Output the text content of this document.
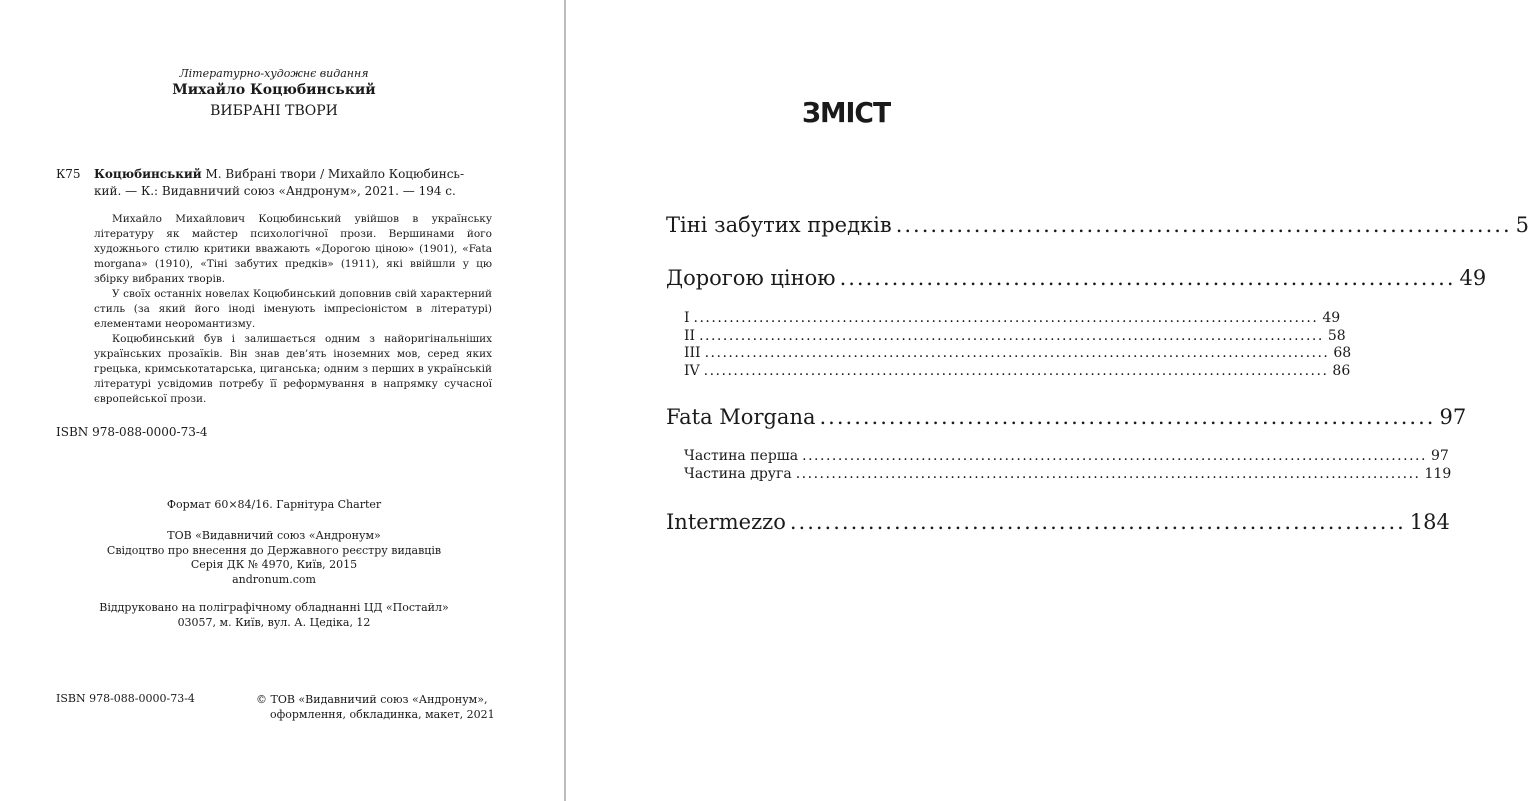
Літературно-художнє видання
Михайло Коцюбинський
ВИБРАНІ ТВОРИ
К75 Коцюбинський М. Вибрані твори / Михайло Коцюбинсь-
кий. — К.: Видавничий союз «Андронум», 2021. — 194 с.

Михайло Михайлович Коцюбинський увійшов в українську літературу як майстер психологічної прози. Вершинами його художнього стилю критики вважають «Дорогою ціною» (1901), «Fata morgana» (1910), «Тіні забутих предків» (1911), які ввійшли у цю збірку вибраних творів.

У своїх останніх новелах Коцюбинський доповнив свій характерний стиль (за який його іноді іменують імпресіоністом в літературі) елементами неоромантизму.

Коцюбинський був і залишається одним з найоригінальніших українських прозаїків. Він знав дев’ять іноземних мов, серед яких грецька, кримськотатарська, циганська; одним з перших в українській літературі усвідомив потребу її реформування в напрямку сучасної європейської прози.

ISBN 978-088-0000-73-4
Формат 60×84/16. Гарнітура Charter
ТОВ «Видавничий союз «Андронум»
Свідоцтво про внесення до Державного реєстру видавців
Серія ДК № 4970, Київ, 2015
andronum.com
Віддруковано на поліграфічному обладнанні ЦД «Постайл»
03057, м. Київ, вул. А. Цедіка, 12
ISBN 978-088-0000-73-4	© ТОВ «Видавничий союз «Андронум»,
оформлення, обкладинка, макет, 2021
ЗМІСТ
Тіні забутих предків ....................................................................... 5
Дорогою ціною ....................................................................... 49
I ......................................................................................................... 49
II ......................................................................................................... 58
III ......................................................................................................... 68
IV ......................................................................................................... 86
Fata Morgana ....................................................................... 97
Частина перша ......................................................................................................... 97
Частина друга ......................................................................................................... 119
Intermezzo ....................................................................... 184
